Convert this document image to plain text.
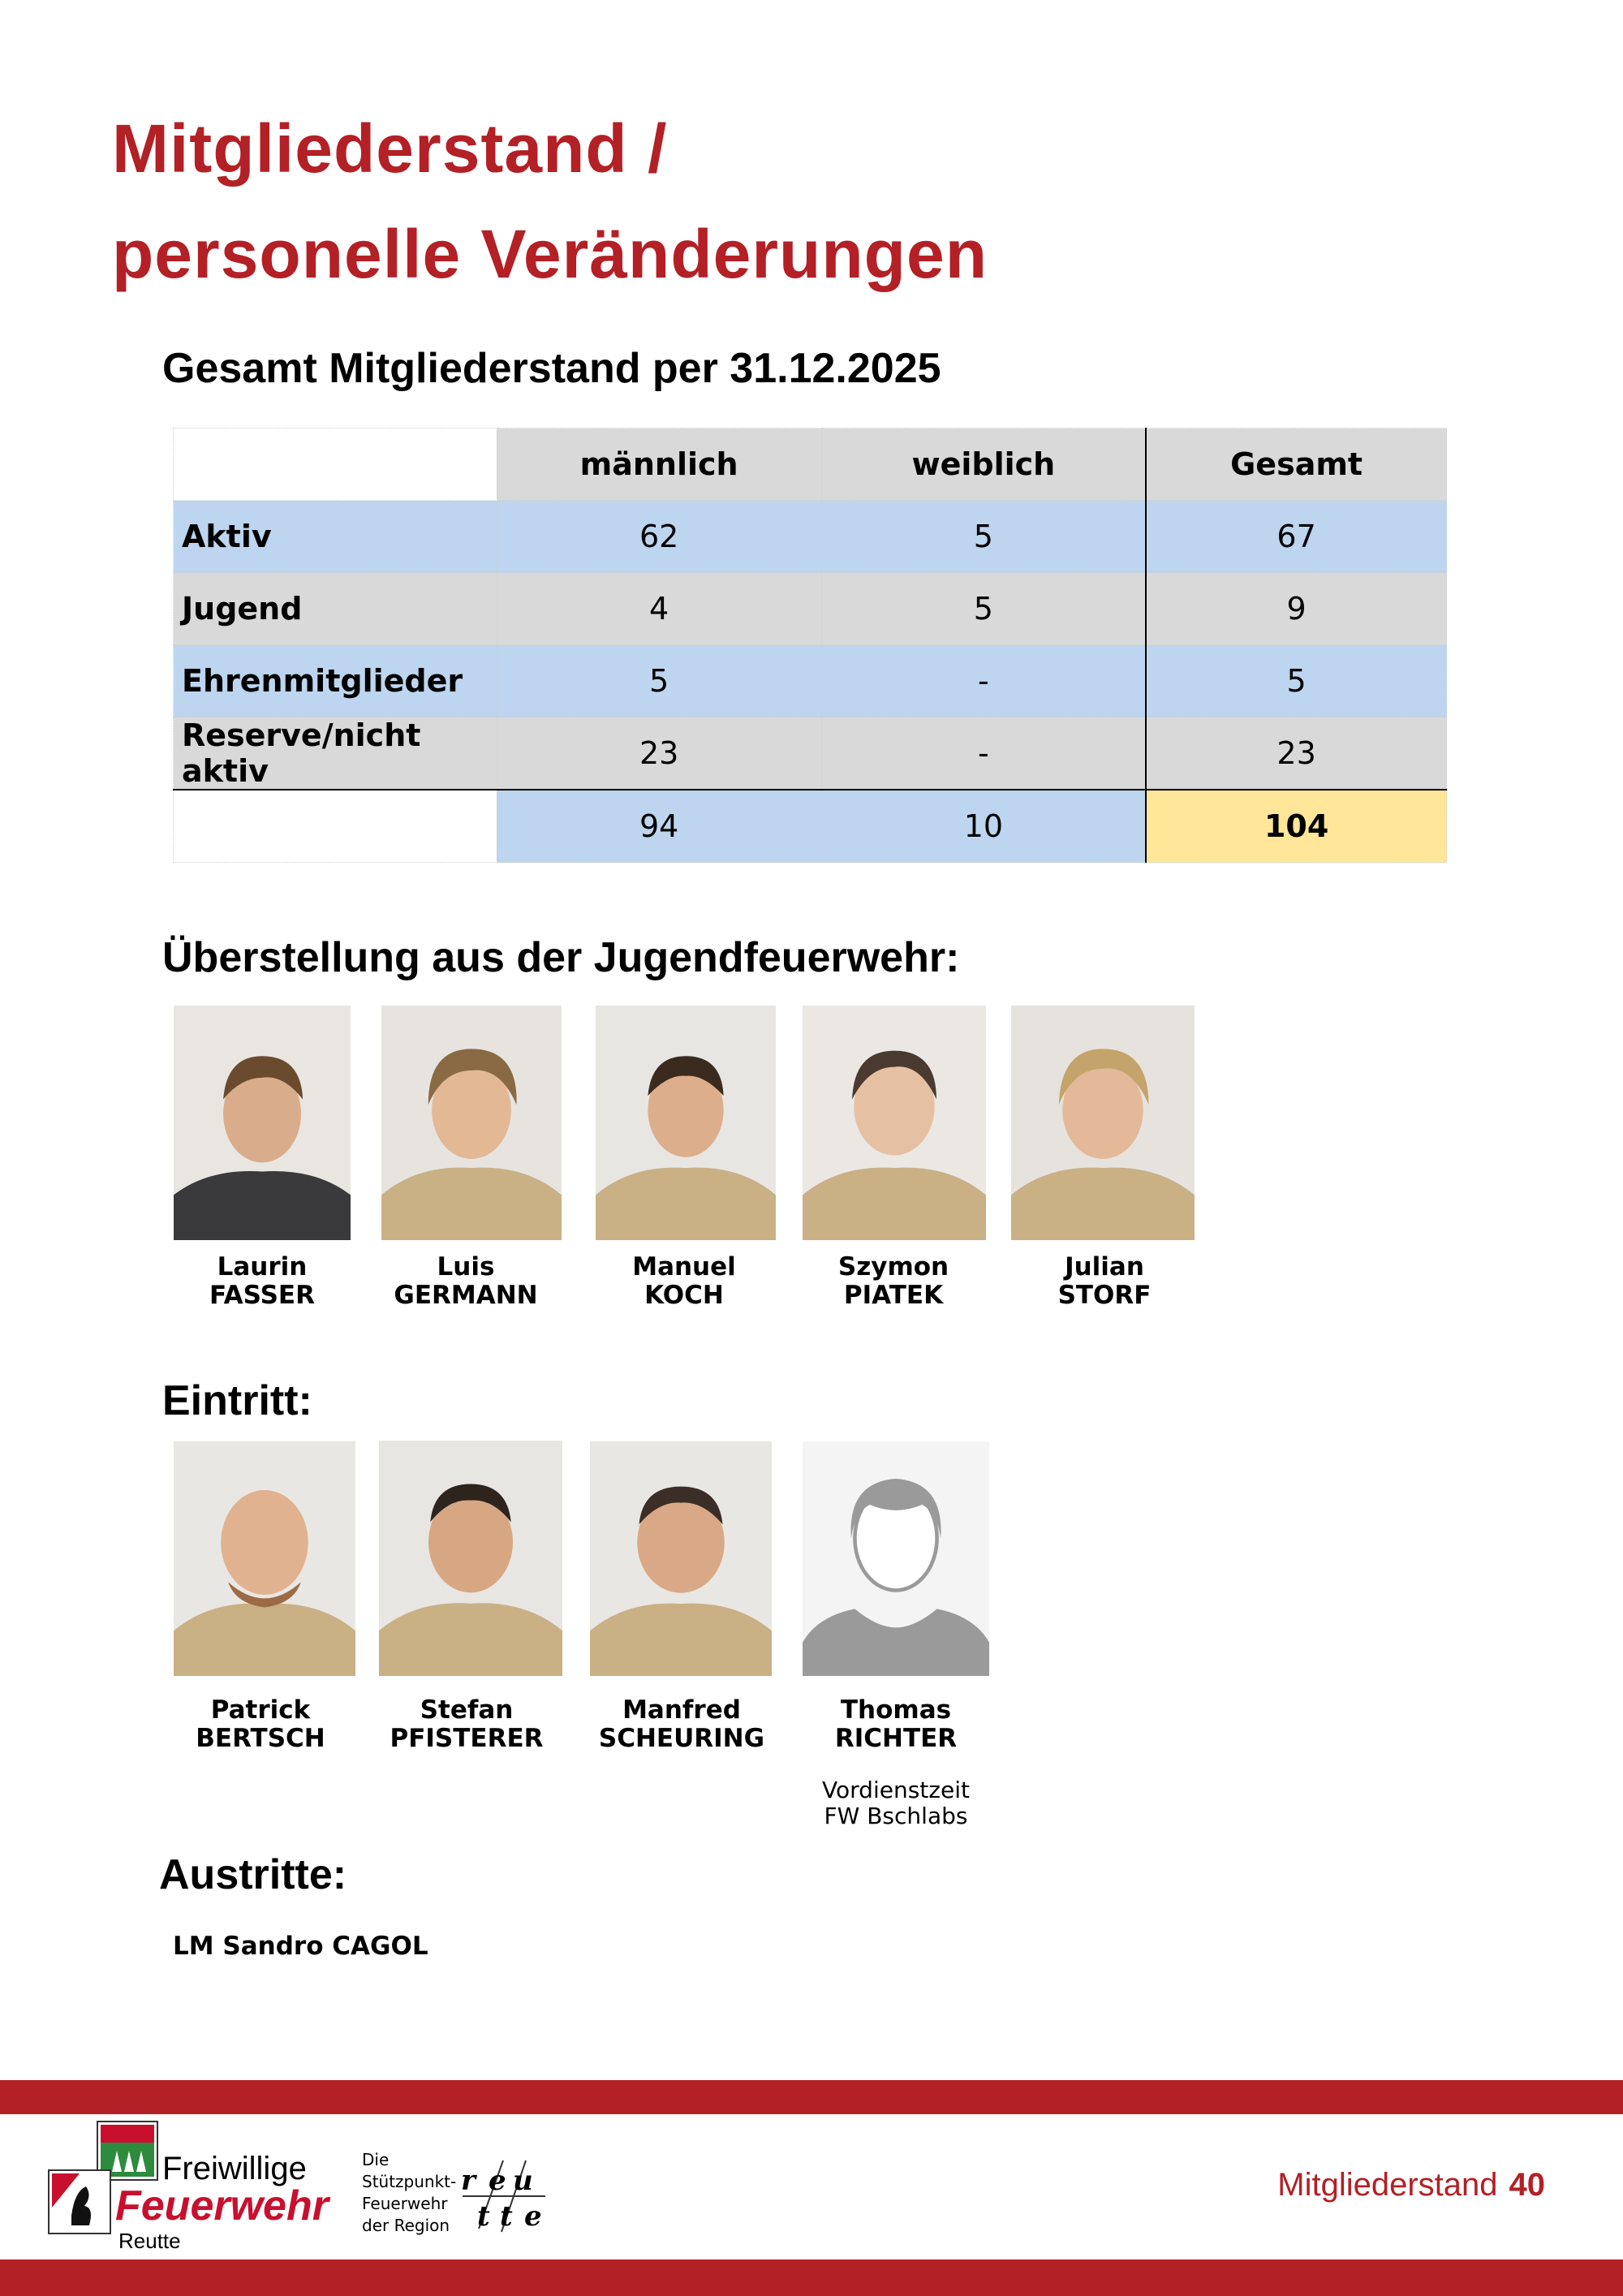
Mitgliederstand /
personelle Veränderungen
Gesamt Mitgliederstand per 31.12.2025
	männlich	weiblich	Gesamt
Aktiv	62	5	67
Jugend	4	5	9
Ehrenmitglieder	5	-	5
Reserve/nicht aktiv	23	-	23
	94	10	104
Überstellung aus der Jugendfeuerwehr:
Laurin
FASSER
Luis
GERMANN
Manuel
KOCH
Szymon
PIATEK
Julian
STORF
Eintritt:
Patrick
BERTSCH
Stefan
PFISTERER
Manfred
SCHEURING
Thomas
RICHTER
Vordienstzeit
FW Bschlabs
Austritte:

LM Sandro CAGOL

Freiwillige
Feuerwehr
Reutte
Die
Stützpunkt-
Feuerwehr
der Region
r e u
t t e
Mitgliederstand 40
